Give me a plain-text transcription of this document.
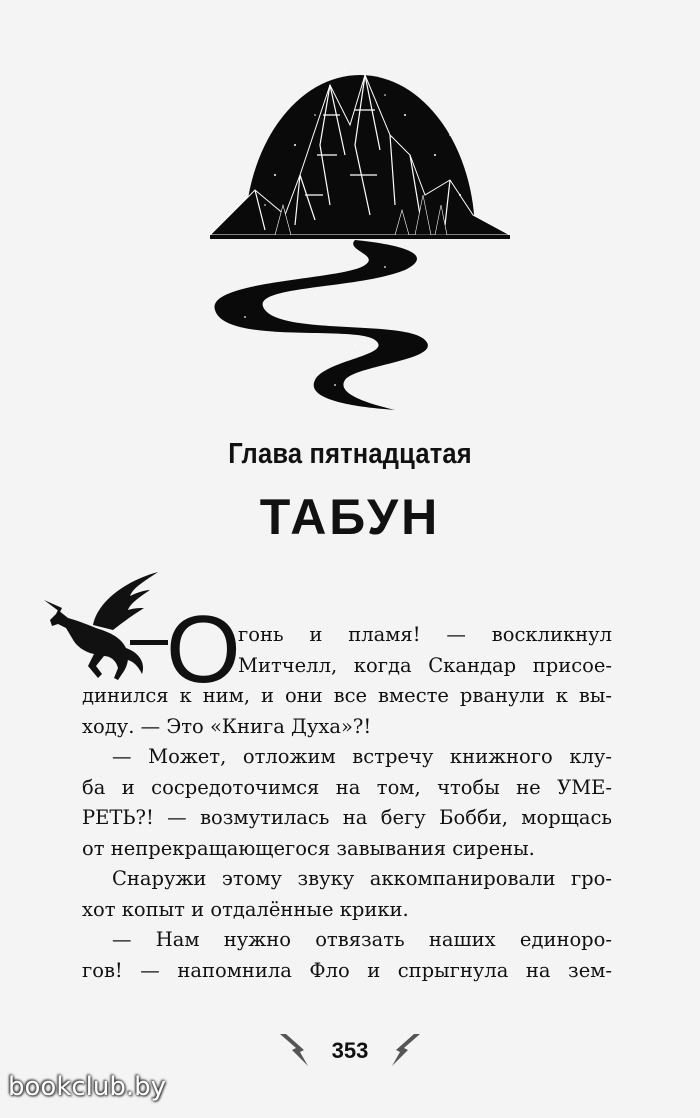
Глава пятнадцатая
ТАБУН
О
гонь и пламя! — воскликнул
Митчелл, когда Скандар присое-
динился к ним, и они все вместе рванули к вы-
ходу. — Это «Книга Духа»?!
— Может, отложим встречу книжного клу-
ба и сосредоточимся на том, чтобы не УМЕ-
РЕТЬ?! — возмутилась на бегу Бобби, морщась
от непрекращающегося завывания сирены.
Снаружи этому звуку аккомпанировали гро-
хот копыт и отдалённые крики.
— Нам нужно отвязать наших единоро-
гов! — напомнила Фло и спрыгнула на зем-
353
bookclub.by
